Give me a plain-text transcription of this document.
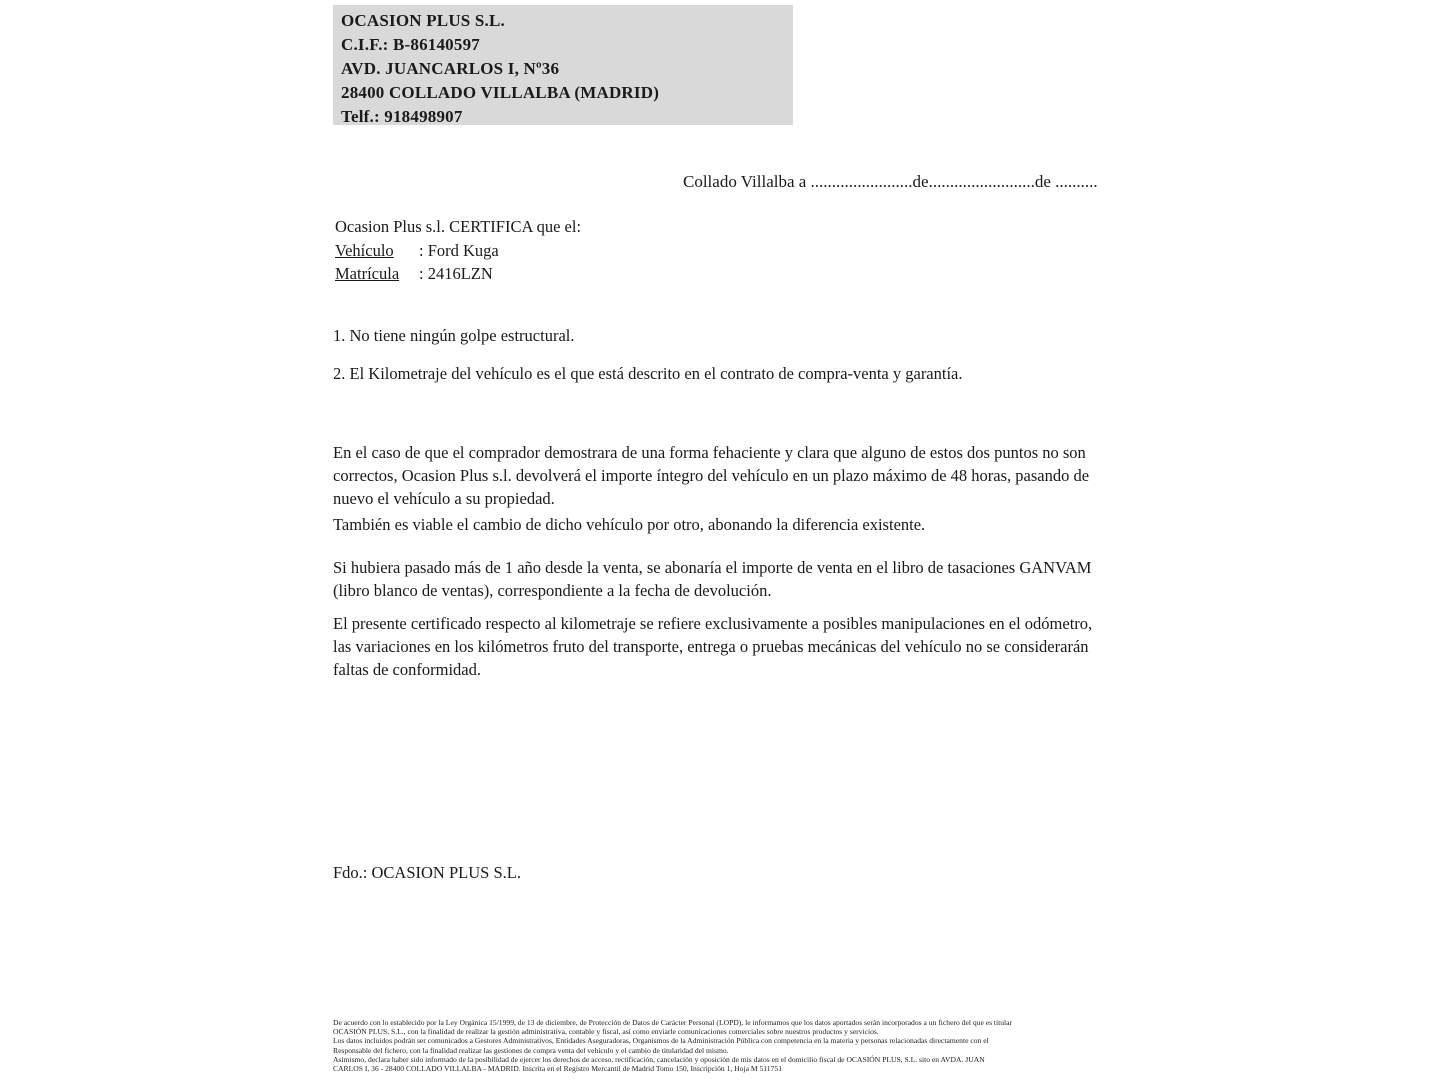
OCASION PLUS S.L.
C.I.F.: B-86140597
AVD. JUANCARLOS I, Nº36
28400 COLLADO VILLALBA (MADRID)
Telf.: 918498907
Collado Villalba a ........................de.........................de ..........
Ocasion Plus s.l. CERTIFICA que el:
Vehículo : Ford Kuga
Matrícula : 2416LZN
1. No tiene ningún golpe estructural.
2. El Kilometraje del vehículo es el que está descrito en el contrato de compra-venta y garantía.
En el caso de que el comprador demostrara de una forma fehaciente y clara que alguno de estos dos puntos no son correctos, Ocasion Plus s.l. devolverá el importe íntegro del vehículo en un plazo máximo de 48 horas, pasando de nuevo el vehículo a su propiedad.
También es viable el cambio de dicho vehículo por otro, abonando la diferencia existente.
Si hubiera pasado más de 1 año desde la venta, se abonaría el importe de venta en el libro de tasaciones GANVAM (libro blanco de ventas), correspondiente a la fecha de devolución.
El presente certificado respecto al kilometraje se refiere exclusivamente a posibles manipulaciones en el odómetro, las variaciones en los kilómetros fruto del transporte, entrega o pruebas mecánicas del vehículo no se considerarán faltas de conformidad.
Fdo.: OCASION PLUS S.L.
De acuerdo con lo establecido por la Ley Orgánica 15/1999, de 13 de diciembre, de Protección de Datos de Carácter Personal (LOPD), le informamos que los datos aportados serán incorporados a un fichero del que es titular
OCASIÓN PLUS, S.L., con la finalidad de realizar la gestión administrativa, contable y fiscal, así como enviarle comunicaciones comerciales sobre nuestros productos y servicios.
Los datos incluidos podrán ser comunicados a Gestores Administrativos, Entidades Aseguradoras, Organismos de la Administración Pública con competencia en la materia y personas relacionadas directamente con el
Responsable del fichero, con la finalidad realizar las gestiones de compra venta del vehículo y el cambio de titularidad del mismo.
Asimismo, declara haber sido informado de la posibilidad de ejercer los derechos de acceso, rectificación, cancelación y oposición de mis datos en el domicilio fiscal de OCASIÓN PLUS, S.L. sito en AVDA. JUAN
CARLOS I, 36 - 28400 COLLADO VILLALBA - MADRID. Inscrita en el Registro Mercantil de Madrid Tomo 150, Inscripción 1, Hoja M 511751
